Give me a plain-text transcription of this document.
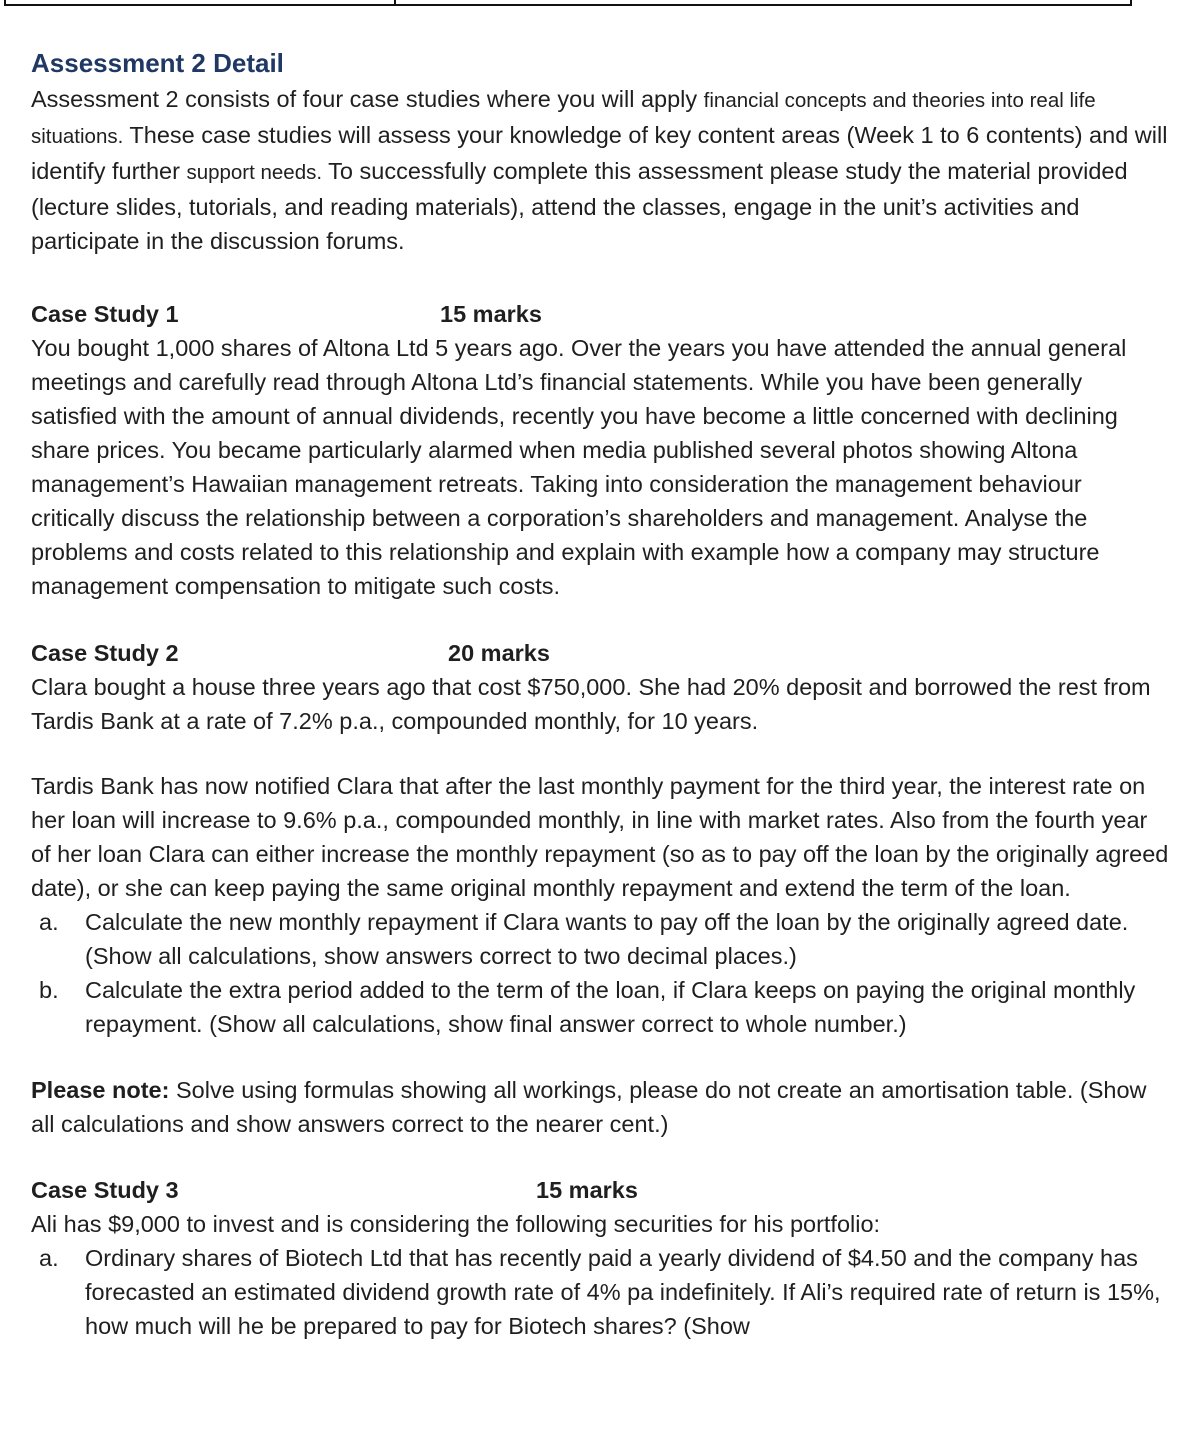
Assessment 2 Detail

Assessment 2 consists of four case studies where you will apply financial concepts and theories into real life situations. These case studies will assess your knowledge of key content areas (Week 1 to 6 contents) and will identify further support needs. To successfully complete this assessment please study the material provided (lecture slides, tutorials, and reading materials), attend the classes, engage in the unit’s activities and participate in the discussion forums.

Case Study 1	15 marks

You bought 1,000 shares of Altona Ltd 5 years ago. Over the years you have attended the annual general meetings and carefully read through Altona Ltd’s financial statements. While you have been generally satisfied with the amount of annual dividends, recently you have become a little concerned with declining share prices. You became particularly alarmed when media published several photos showing Altona management’s Hawaiian management retreats. Taking into consideration the management behaviour critically discuss the relationship between a corporation’s shareholders and management. Analyse the problems and costs related to this relationship and explain with example how a company may structure management compensation to mitigate such costs.

Case Study 2	20 marks

Clara bought a house three years ago that cost $750,000. She had 20% deposit and borrowed the rest from Tardis Bank at a rate of 7.2% p.a., compounded monthly, for 10 years.

Tardis Bank has now notified Clara that after the last monthly payment for the third year, the interest rate on her loan will increase to 9.6% p.a., compounded monthly, in line with market rates. Also from the fourth year of her loan Clara can either increase the monthly repayment (so as to pay off the loan by the originally agreed date), or she can keep paying the same original monthly repayment and extend the term of the loan.

a. Calculate the new monthly repayment if Clara wants to pay off the loan by the originally agreed date. (Show all calculations, show answers correct to two decimal places.)
b. Calculate the extra period added to the term of the loan, if Clara keeps on paying the original monthly repayment. (Show all calculations, show final answer correct to whole number.)

Please note: Solve using formulas showing all workings, please do not create an amortisation table. (Show all calculations and show answers correct to the nearer cent.)

Case Study 3	15 marks

Ali has $9,000 to invest and is considering the following securities for his portfolio:

a. Ordinary shares of Biotech Ltd that has recently paid a yearly dividend of $4.50 and the company has forecasted an estimated dividend growth rate of 4% pa indefinitely. If Ali’s required rate of return is 15%, how much will he be prepared to pay for Biotech shares? (Show
